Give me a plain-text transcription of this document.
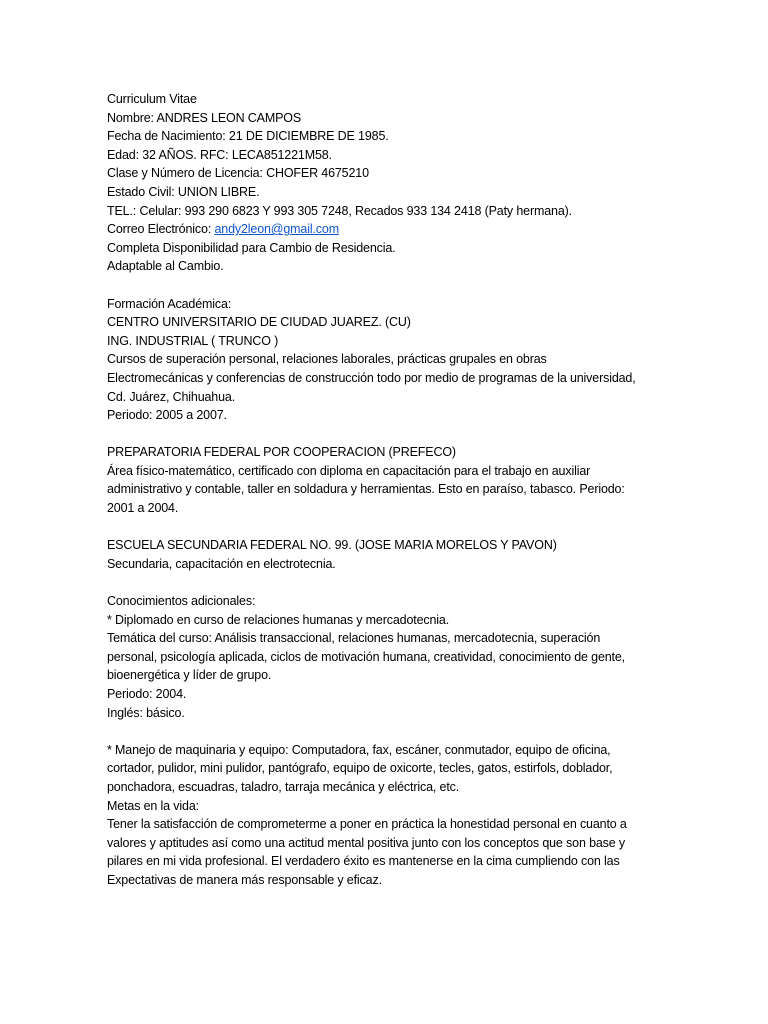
Curriculum Vitae
Nombre: ANDRES LEON CAMPOS
Fecha de Nacimiento: 21 DE DICIEMBRE DE 1985.
Edad: 32 AÑOS. RFC: LECA851221M58.
Clase y Número de Licencia: CHOFER 4675210
Estado Civil: UNION LIBRE.
TEL.: Celular: 993 290 6823 Y 993 305 7248, Recados 933 134 2418 (Paty hermana).
Correo Electrónico: andy2leon@gmail.com
Completa Disponibilidad para Cambio de Residencia.
Adaptable al Cambio.
Formación Académica:
CENTRO UNIVERSITARIO DE CIUDAD JUAREZ. (CU)
ING. INDUSTRIAL ( TRUNCO )
Cursos de superación personal, relaciones laborales, prácticas grupales en obras
Electromecánicas y conferencias de construcción todo por medio de programas de la universidad,
Cd. Juárez, Chihuahua.
Periodo: 2005 a 2007.
PREPARATORIA FEDERAL POR COOPERACION (PREFECO)
Área físico-matemático, certificado con diploma en capacitación para el trabajo en auxiliar
administrativo y contable, taller en soldadura y herramientas. Esto en paraíso, tabasco. Periodo:
2001 a 2004.
ESCUELA SECUNDARIA FEDERAL NO. 99. (JOSE MARIA MORELOS Y PAVON)
Secundaria, capacitación en electrotecnia.
Conocimientos adicionales:
* Diplomado en curso de relaciones humanas y mercadotecnia.
Temática del curso: Análisis transaccional, relaciones humanas, mercadotecnia, superación
personal, psicología aplicada, ciclos de motivación humana, creatividad, conocimiento de gente,
bioenergética y líder de grupo.
Periodo: 2004.
Inglés: básico.
* Manejo de maquinaria y equipo: Computadora, fax, escáner, conmutador, equipo de oficina,
cortador, pulidor, mini pulidor, pantógrafo, equipo de oxicorte, tecles, gatos, estirfols, doblador,
ponchadora, escuadras, taladro, tarraja mecánica y eléctrica, etc.
Metas en la vida:
Tener la satisfacción de comprometerme a poner en práctica la honestidad personal en cuanto a
valores y aptitudes así como una actitud mental positiva junto con los conceptos que son base y
pilares en mi vida profesional. El verdadero éxito es mantenerse en la cima cumpliendo con las
Expectativas de manera más responsable y eficaz.
